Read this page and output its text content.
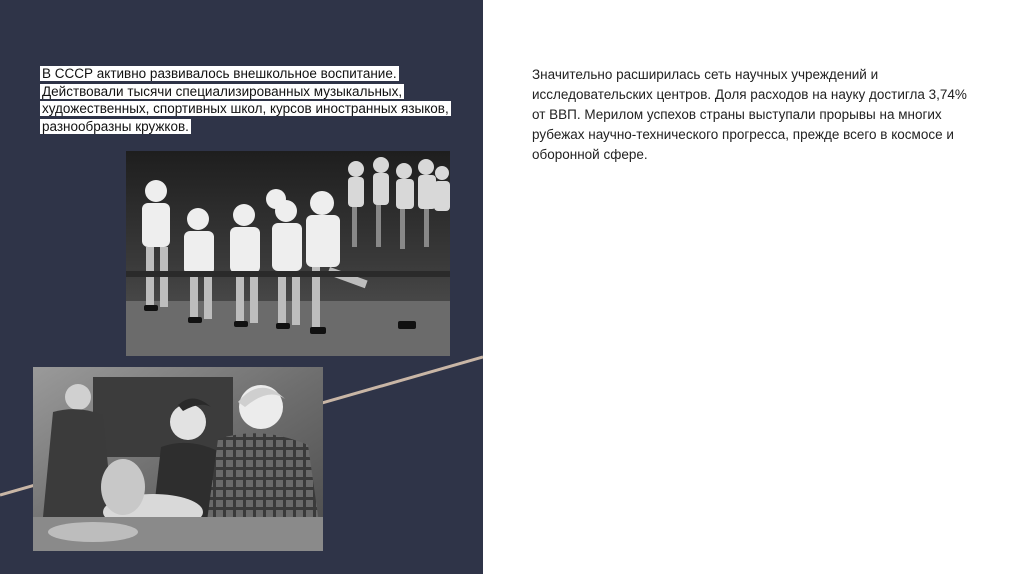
В СССР активно развивалось внешкольное воспитание. Действовали тысячи специализированных музыкальных, художественных, спортивных школ, курсов иностранных языков, разнообразны кружков.

Значительно расширилась сеть научных учреждений и исследовательских центров. Доля расходов на науку достигла 3,74% от ВВП. Мерилом успехов страны выступали прорывы на многих рубежах научно-технического прогресса, прежде всего в космосе и оборонной сфере.
